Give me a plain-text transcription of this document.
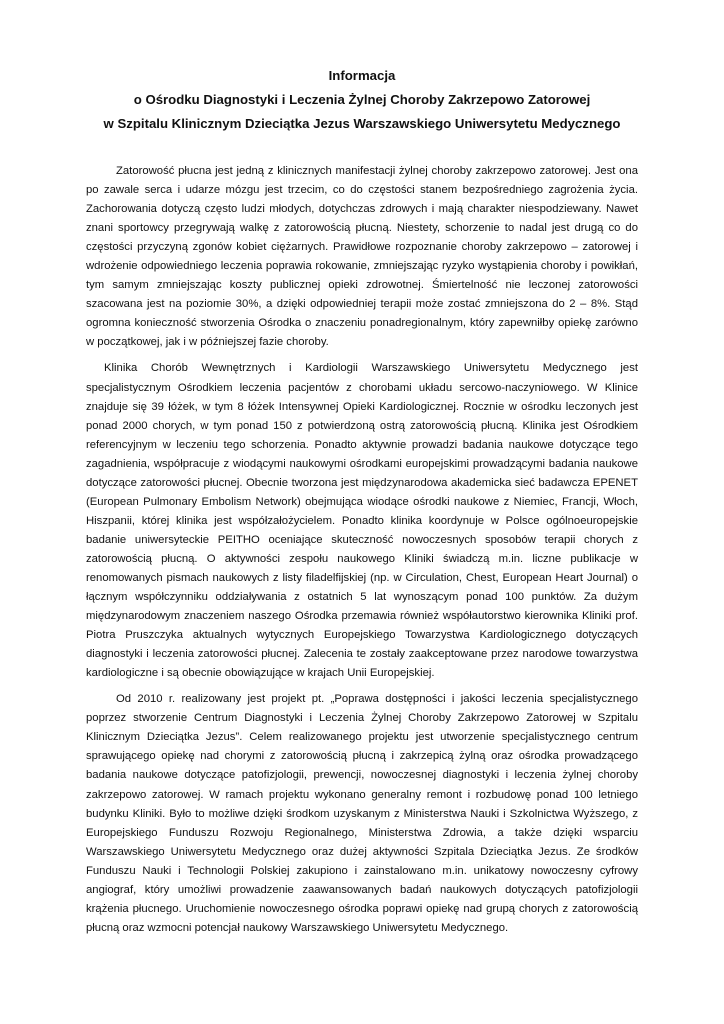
Informacja

o Ośrodku Diagnostyki i Leczenia Żylnej Choroby Zakrzepowo Zatorowej

w Szpitalu Klinicznym Dzieciątka Jezus Warszawskiego Uniwersytetu Medycznego

Zatorowość płucna jest jedną z klinicznych manifestacji żylnej choroby zakrzepowo zatorowej. Jest ona po zawale serca i udarze mózgu jest trzecim, co do częstości stanem bezpośredniego zagrożenia życia. Zachorowania dotyczą często ludzi młodych, dotychczas zdrowych i mają charakter niespodziewany. Nawet znani sportowcy przegrywają walkę z zatorowością płucną. Niestety, schorzenie to nadal jest drugą co do częstości przyczyną zgonów kobiet ciężarnych. Prawidłowe rozpoznanie choroby zakrzepowo – zatorowej i wdrożenie odpowiedniego leczenia poprawia rokowanie, zmniejszając ryzyko wystąpienia choroby i powikłań, tym samym zmniejszając koszty publicznej opieki zdrowotnej. Śmiertelność nie leczonej zatorowości szacowana jest na poziomie 30%, a dzięki odpowiedniej terapii może zostać zmniejszona do 2 – 8%. Stąd ogromna konieczność stworzenia Ośrodka o znaczeniu ponadregionalnym, który zapewniłby opiekę zarówno w początkowej, jak i w późniejszej fazie choroby.

Klinika Chorób Wewnętrznych i Kardiologii Warszawskiego Uniwersytetu Medycznego jest specjalistycznym Ośrodkiem leczenia pacjentów z chorobami układu sercowo-naczyniowego. W Klinice znajduje się 39 łóżek, w tym 8 łóżek Intensywnej Opieki Kardiologicznej. Rocznie w ośrodku leczonych jest ponad 2000 chorych, w tym ponad 150 z potwierdzoną ostrą zatorowością płucną. Klinika jest Ośrodkiem referencyjnym w leczeniu tego schorzenia. Ponadto aktywnie prowadzi badania naukowe dotyczące tego zagadnienia, współpracuje z wiodącymi naukowymi ośrodkami europejskimi prowadzącymi badania naukowe dotyczące zatorowości płucnej. Obecnie tworzona jest międzynarodowa akademicka sieć badawcza EPENET (European Pulmonary Embolism Network) obejmująca wiodące ośrodki naukowe z Niemiec, Francji, Włoch, Hiszpanii, której klinika jest współzałożycielem. Ponadto klinika koordynuje w Polsce ogólnoeuropejskie badanie uniwersyteckie PEITHO oceniające skuteczność nowoczesnych sposobów terapii chorych z zatorowością płucną. O aktywności zespołu naukowego Kliniki świadczą m.in. liczne publikacje w renomowanych pismach naukowych z listy filadelfijskiej (np. w Circulation, Chest, European Heart Journal) o łącznym współczynniku oddziaływania z ostatnich 5 lat wynoszącym ponad 100 punktów. Za dużym międzynarodowym znaczeniem naszego Ośrodka przemawia również współautorstwo kierownika Kliniki prof. Piotra Pruszczyka aktualnych wytycznych Europejskiego Towarzystwa Kardiologicznego dotyczących diagnostyki i leczenia zatorowości płucnej. Zalecenia te zostały zaakceptowane przez narodowe towarzystwa kardiologiczne i są obecnie obowiązujące w krajach Unii Europejskiej.

Od 2010 r. realizowany jest projekt pt. „Poprawa dostępności i jakości leczenia specjalistycznego poprzez stworzenie Centrum Diagnostyki i Leczenia Żylnej Choroby Zakrzepowo Zatorowej w Szpitalu Klinicznym Dzieciątka Jezus”. Celem realizowanego projektu jest utworzenie specjalistycznego centrum sprawującego opiekę nad chorymi z zatorowością płucną i zakrzepicą żylną oraz ośrodka prowadzącego badania naukowe dotyczące patofizjologii, prewencji, nowoczesnej diagnostyki i leczenia żylnej choroby zakrzepowo zatorowej. W ramach projektu wykonano generalny remont i rozbudowę ponad 100 letniego budynku Kliniki. Było to możliwe dzięki środkom uzyskanym z Ministerstwa Nauki i Szkolnictwa Wyższego, z Europejskiego Funduszu Rozwoju Regionalnego, Ministerstwa Zdrowia, a także dzięki wsparciu Warszawskiego Uniwersytetu Medycznego oraz dużej aktywności Szpitala Dzieciątka Jezus. Ze środków Funduszu Nauki i Technologii Polskiej zakupiono i zainstalowano m.in. unikatowy nowoczesny cyfrowy angiograf, który umożliwi prowadzenie zaawansowanych badań naukowych dotyczących patofizjologii krążenia płucnego. Uruchomienie nowoczesnego ośrodka poprawi opiekę nad grupą chorych z zatorowością płucną oraz wzmocni potencjał naukowy Warszawskiego Uniwersytetu Medycznego.
